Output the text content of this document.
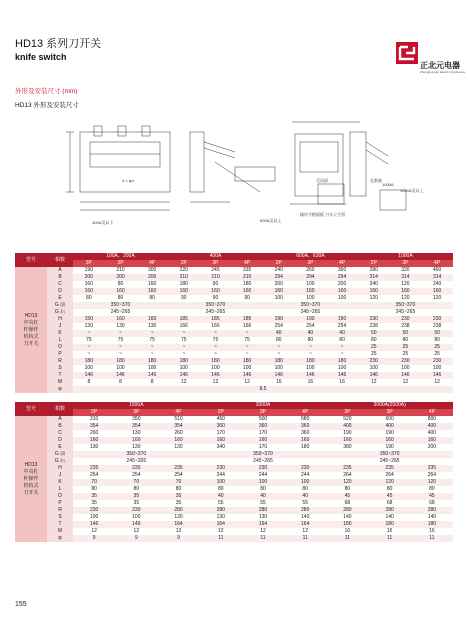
HD13 系列刀开关
knife switch
外形及安装尺寸 (mm)
HD13 外形及安装尺寸
正北元电器
Zhengbeiyuan Electric Appliances
400A及以下	600A及以上
操作手柄面板 刀头尺寸图
至顶部
1000A
孔数量
1000A及以上
4 × φd
型号	相数	100A、200A			400A			600A、630A			1000A		
		3P	3P	4P	2P	3P	4P	2P	3P	4P	2P	3P	4P
HD13
中央杠
杆操作
机构式
刀开关	A	190	210	300	220	245	335	240	260	360	280	320	460
	B	200	200	200	210	210	210	294	294	294	314	314	314
	C	160	80	160	180	90	180	200	100	200	240	120	240
	D	160	160	160	160	160	160	160	160	160	160	160	160
	E	80	80	80	90	90	90	100	100	100	120	120	120
	G 前	350~370			350~370			350~370			350~370		
	G 后	245~265			245~265			245~265			245~265		
	H	150	160	160	185	185	185	190	190	190	230	230	230
	J	130	130	130	166	166	166	254	254	254	238	238	238
	K	~	~	~	~	~	~	40	40	40	50	50	50
	L	75	75	75	75	75	75	80	80	80	80	80	80
	O	~	~	~	~	~	~	~	~	~	25	25	25
	P	~	~	~	~	~	~	~	~	~	25	25	25
	R	180	180	180	180	180	180	180	180	180	230	230	230
	S	100	100	100	100	100	100	100	100	100	100	100	100
	T	146	146	146	146	146	146	146	146	146	146	146	146
	M	8	8	8	12	12	12	16	16	16	12	12	12
	φ	8.5											
型号	相数	1500A			2000A			3000A(2500A)		
		2P	3P	4P	2P	3P	4P	2P	3P	4P
HD13
中央杠
杆操作
机构式
刀开关	A	310	350	510	450	500	680	520	600	800
	B	354	354	354	360	360	360	400	400	400
	C	260	130	260	170	170	360	190	190	400
	D	160	160	160	160	160	160	160	160	160
	E	130	130	130	340	170	180	380	190	200
	G 前	350~370			350~370			350~370		
	G 后	245~265			245~265			245~265		
	H	235	235	235	230	230	230	235	235	235
	J	254	254	254	244	244	244	264	264	264
	K	70	70	70	100	100	100	120	120	120
	L	80	80	80	80	80	80	80	80	80
	O	35	35	35	40	40	40	45	45	45
	P	35	35	35	55	55	55	68	68	68
	R	230	230	280	280	280	280	280	280	280
	S	100	100	130	130	130	140	140	140	140
	T	146	146	164	164	164	164	180	180	180
	M	12	12	12	12	12	12	16	16	16
	φ	9	9	9	11	11	11	11	11	11
155
